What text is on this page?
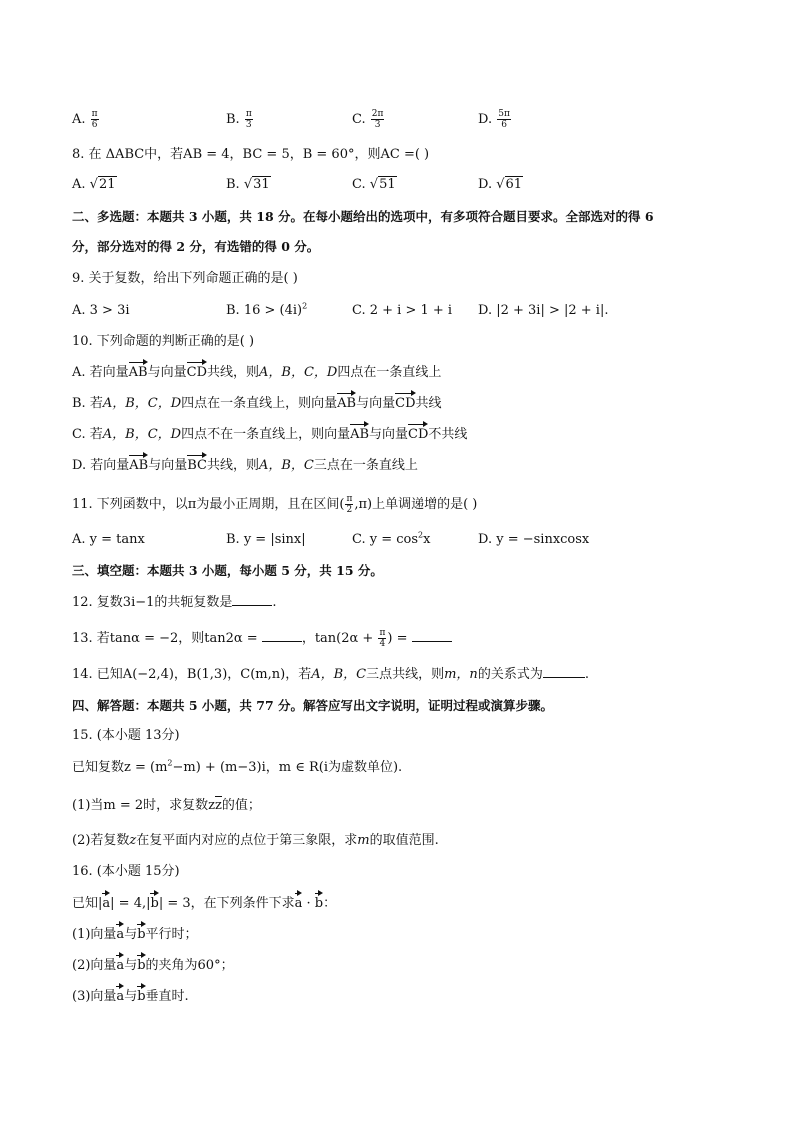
A. $\frac{\pi}{6}$	B. $\frac{\pi}{3}$	C. $\frac{2\pi}{3}$	D. $\frac{5\pi}{6}$
8. 在 ΔABC中，若AB = 4，BC = 5，B = 60°，则AC =( )
A. √21	B. √31	C. √51	D. √61
二、多选题：本题共 3 小题，共 18 分。在每小题给出的选项中，有多项符合题目要求。全部选对的得 6
分，部分选对的得 2 分，有选错的得 0 分。
9. 关于复数，给出下列命题正确的是( )
A. 3 > 3i	B. $16 > (4i)^2$	C. 2 + i > 1 + i D. |2 + 3i| > |2 + i|.
10. 下列命题的判断正确的是( )
A. 若向量AB与向量CD共线，则A，B，C，D四点在一条直线上
B. 若A，B，C，D四点在一条直线上，则向量AB与向量CD共线
C. 若A，B，C，D四点不在一条直线上，则向量AB与向量CD不共线
D. 若向量AB与向量BC共线，则A，B，C三点在一条直线上
11. 下列函数中，以π为最小正周期，且在区间( $\frac{\pi}{2} ,\pi$)上单调递增的是( )
A. y = tanx	B. y = |sinx|	C. $y = \cos^2x$	D. y = −sinxcosx
三、填空题：本题共 3 小题，每小题 5 分，共 15 分。
12. 复数3i−1的共轭复数是	.
13. 若tanα = −2，则tan2α =	，$\tan(2\alpha + \frac{\pi}{4}$ ) =
14. 已知A(−2,4)，B(1,3)，C(m,n)，若A，B，C三点共线，则m，n的关系式为	.
四、解答题：本题共 5 小题，共 77 分。解答应写出文字说明，证明过程或演算步骤。
15. (本小题 13分)
已知复数$z = (m^2-m) + (m-3)i$，m ∈ R(i为虚数单位).
(1)当m = 2时，求复数zz的值；
(2)若复数z在复平面内对应的点位于第三象限，求m的取值范围.
16. (本小题 15分)
已知|a| = 4,|b| = 3，在下列条件下求a · b：
(1)向量a与b平行时；
(2)向量a与b的夹角为60°；
(3)向量a与b垂直时.
